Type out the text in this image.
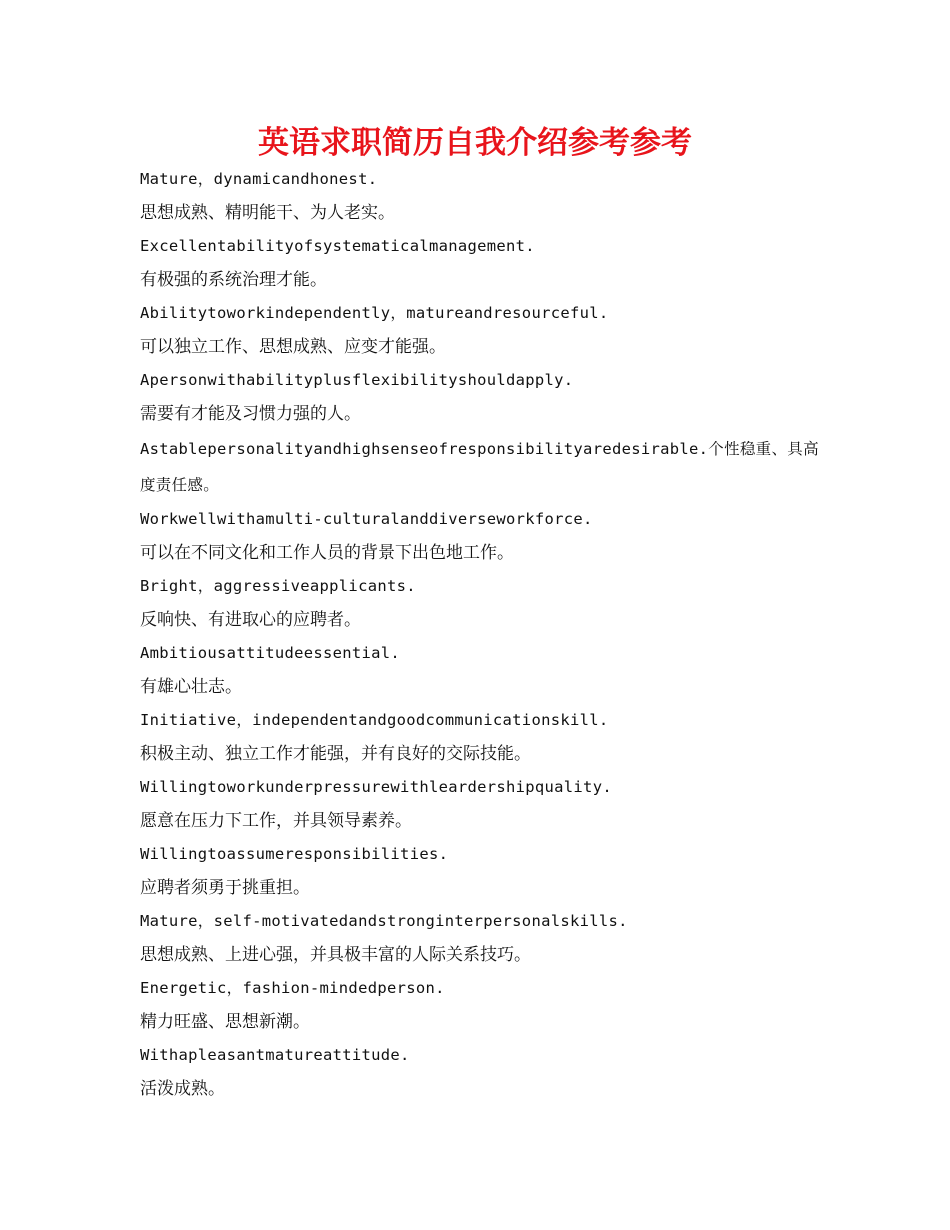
英语求职简历自我介绍参考参考
Mature，dynamicandhonest.
思想成熟、精明能干、为人老实。
Excellentabilityofsystematicalmanagement.
有极强的系统治理才能。
Abilitytoworkindependently，matureandresourceful.
可以独立工作、思想成熟、应变才能强。
Apersonwithabilityplusflexibilityshouldapply.
需要有才能及习惯力强的人。
Astablepersonalityandhighsenseofresponsibilityaredesirable.个性稳重、具高度责任感。
Workwellwithamulti-culturalanddiverseworkforce.
可以在不同文化和工作人员的背景下出色地工作。
Bright，aggressiveapplicants.
反响快、有进取心的应聘者。
Ambitiousattitudeessential.
有雄心壮志。
Initiative，independentandgoodcommunicationskill.
积极主动、独立工作才能强，并有良好的交际技能。
Willingtoworkunderpressurewithleardershipquality.
愿意在压力下工作，并具领导素养。
Willingtoassumeresponsibilities.
应聘者须勇于挑重担。
Mature，self-motivatedandstronginterpersonalskills.
思想成熟、上进心强，并具极丰富的人际关系技巧。
Energetic，fashion-mindedperson.
精力旺盛、思想新潮。
Withapleasantmatureattitude.
活泼成熟。
